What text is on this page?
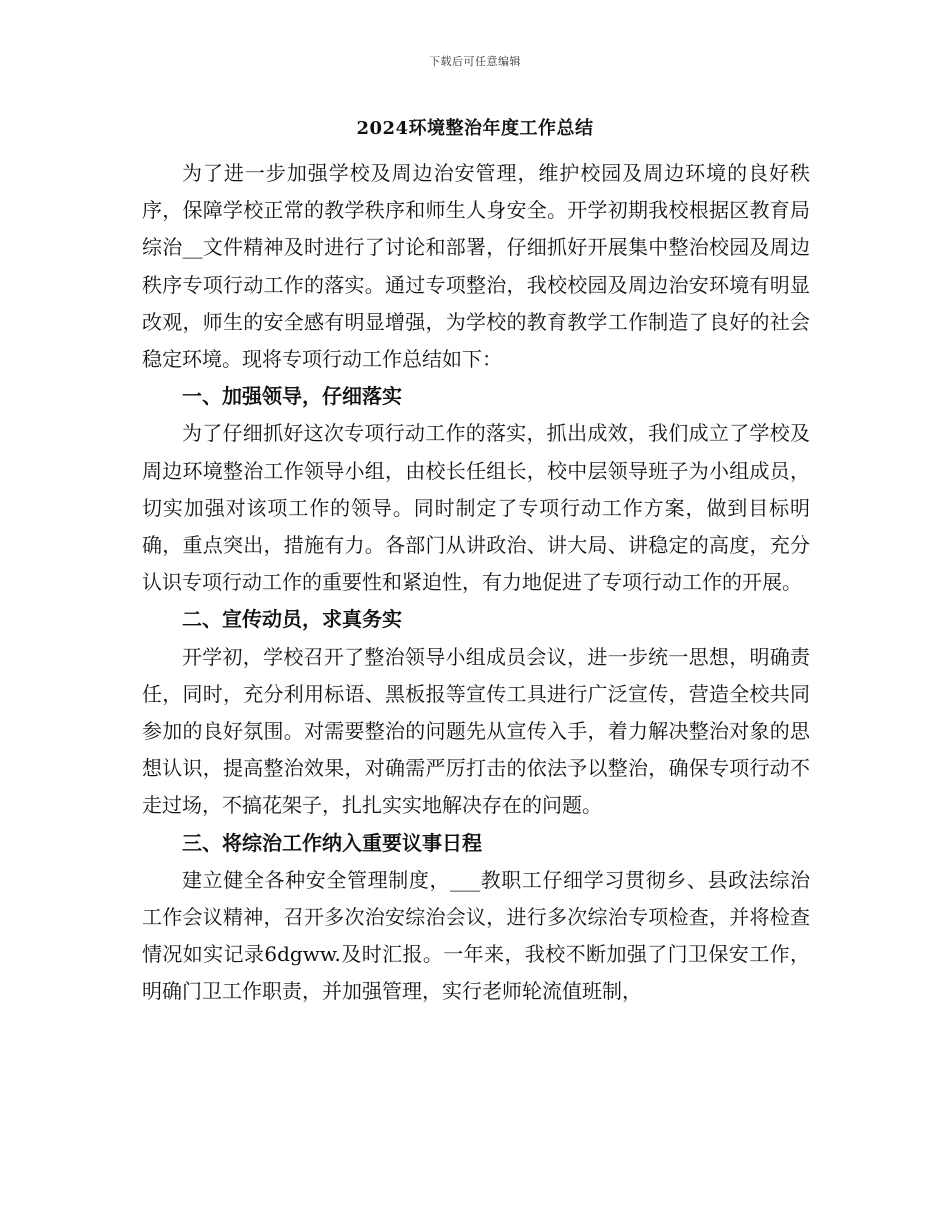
下载后可任意编辑
2024环境整治年度工作总结

为了进一步加强学校及周边治安管理，维护校园及周边环境的良好秩序，保障学校正常的教学秩序和师生人身安全。开学初期我校根据区教育局综治__文件精神及时进行了讨论和部署，仔细抓好开展集中整治校园及周边秩序专项行动工作的落实。通过专项整治，我校校园及周边治安环境有明显改观，师生的安全感有明显增强，为学校的教育教学工作制造了良好的社会稳定环境。现将专项行动工作总结如下：

一、加强领导，仔细落实

为了仔细抓好这次专项行动工作的落实，抓出成效，我们成立了学校及周边环境整治工作领导小组，由校长任组长，校中层领导班子为小组成员，切实加强对该项工作的领导。同时制定了专项行动工作方案，做到目标明确，重点突出，措施有力。各部门从讲政治、讲大局、讲稳定的高度，充分认识专项行动工作的重要性和紧迫性，有力地促进了专项行动工作的开展。

二、宣传动员，求真务实

开学初，学校召开了整治领导小组成员会议，进一步统一思想，明确责任，同时，充分利用标语、黑板报等宣传工具进行广泛宣传，营造全校共同参加的良好氛围。对需要整治的问题先从宣传入手，着力解决整治对象的思想认识，提高整治效果，对确需严厉打击的依法予以整治，确保专项行动不走过场，不搞花架子，扎扎实实地解决存在的问题。

三、将综治工作纳入重要议事日程

建立健全各种安全管理制度，___教职工仔细学习贯彻乡、县政法综治工作会议精神，召开多次治安综治会议，进行多次综治专项检查，并将检查情况如实记录6dgww.及时汇报。一年来，我校不断加强了门卫保安工作，明确门卫工作职责，并加强管理，实行老师轮流值班制，
